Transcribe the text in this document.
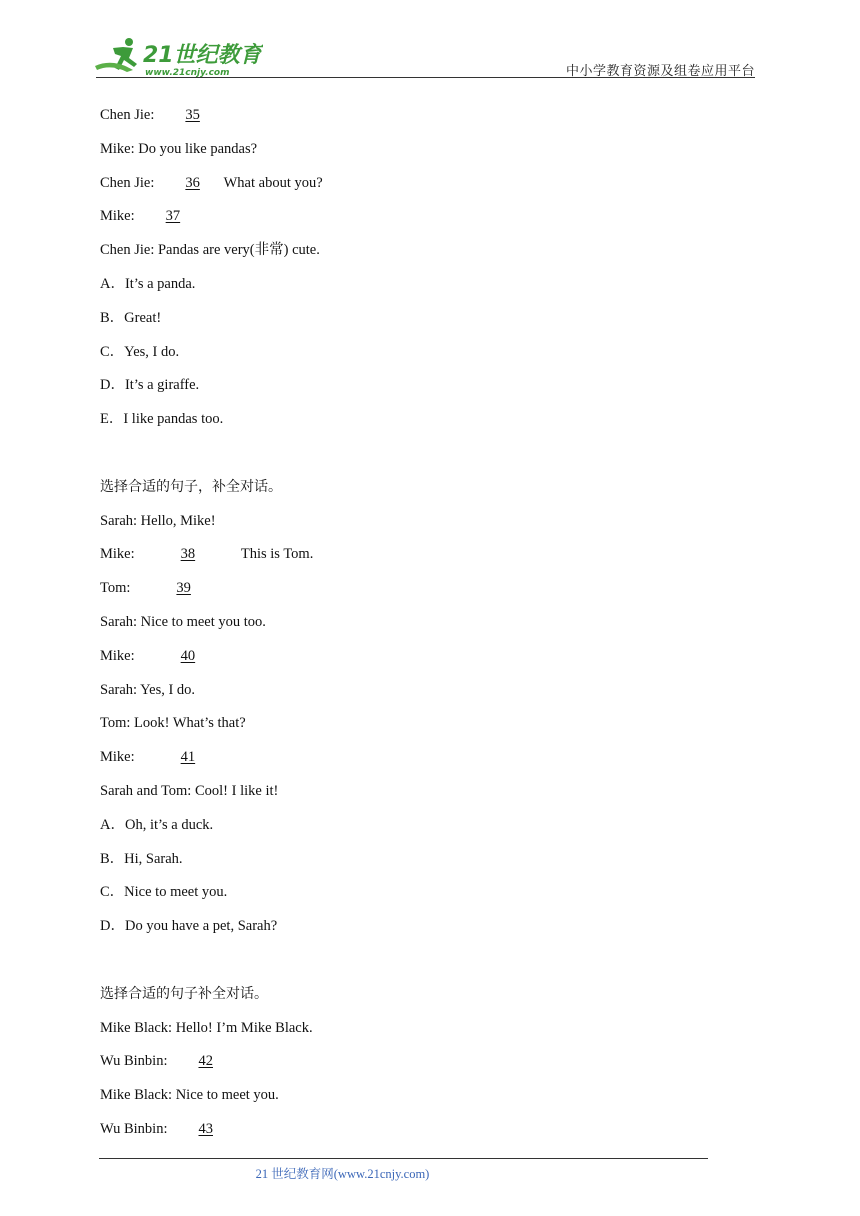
21世纪教育
www.21cnjy.com	中小学教育资源及组卷应用平台
Chen Jie:  35
Mike: Do you like pandas?
Chen Jie:  36 What about you?
Mike:  37
Chen Jie: Pandas are very(非常) cute.
A．It’s a panda.
B．Great!
C．Yes, I do.
D．It’s a giraffe.
E．I like pandas too.
选择合适的句子，补全对话。
Sarah: Hello, Mike!
Mike:	38	This is Tom.
Tom:	39
Sarah: Nice to meet you too.
Mike:	40
Sarah: Yes, I do.
Tom: Look! What’s that?
Mike:	41
Sarah and Tom: Cool! I like it!
A．Oh, it’s a duck.
B．Hi, Sarah.
C．Nice to meet you.
D．Do you have a pet, Sarah?
选择合适的句子补全对话。
Mike Black: Hello! I’m Mike Black.
Wu Binbin:  42
Mike Black: Nice to meet you.
Wu Binbin:  43
21 世纪教育网(www.21cnjy.com)
